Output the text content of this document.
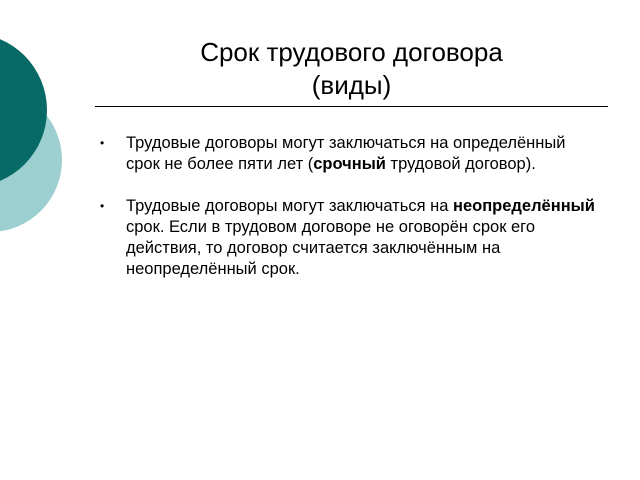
Срок трудового договора
(виды)
• Трудовые договоры могут заключаться на определённый срок не более пяти лет (срочный трудовой договор).
• Трудовые договоры могут заключаться на неопределённый срок. Если в трудовом договоре не оговорён срок его действия, то договор считается заключённым на неопределённый срок.
